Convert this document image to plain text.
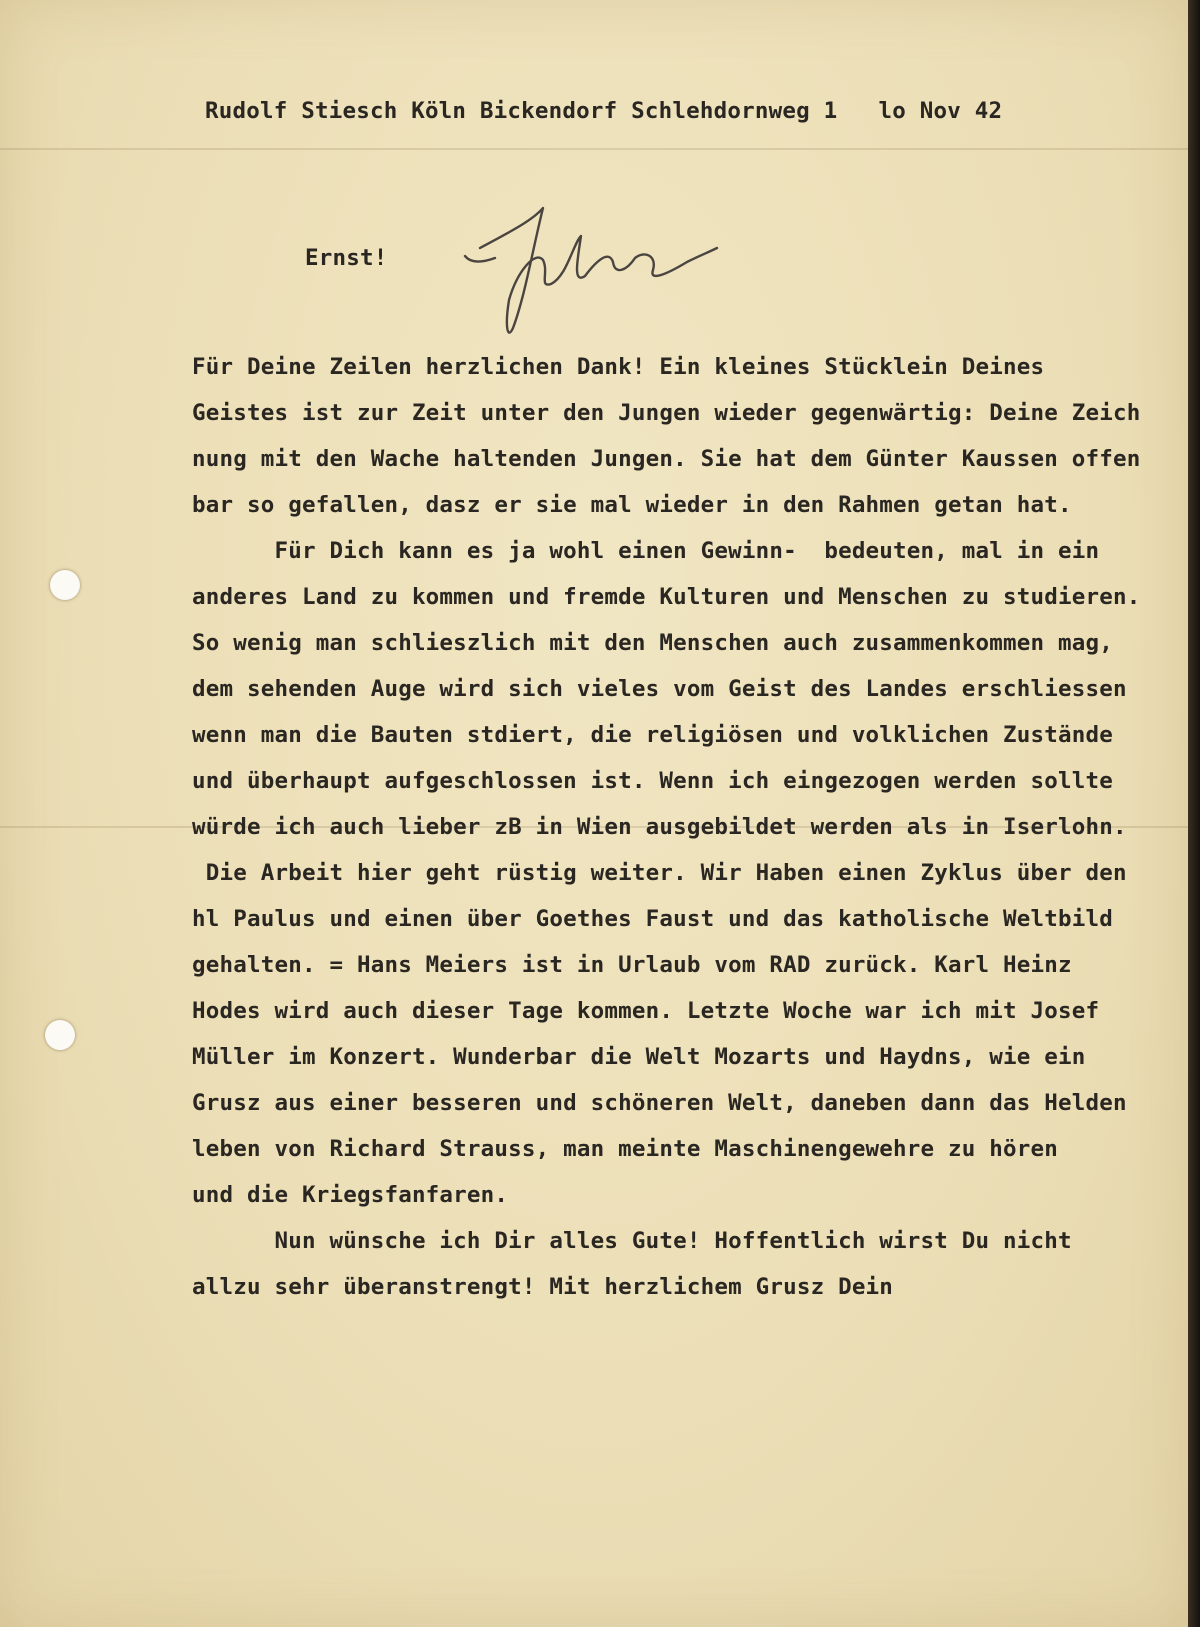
Rudolf Stiesch Köln Bickendorf Schlehdornweg 1   lo Nov 42
Ernst!
Für Deine Zeilen herzlichen Dank! Ein kleines Stücklein Deines
Geistes ist zur Zeit unter den Jungen wieder gegenwärtig: Deine Zeich
nung mit den Wache haltenden Jungen. Sie hat dem Günter Kaussen offen
bar so gefallen, dasz er sie mal wieder in den Rahmen getan hat.
Für Dich kann es ja wohl einen Gewinn-  bedeuten, mal in ein
anderes Land zu kommen und fremde Kulturen und Menschen zu studieren.
So wenig man schlieszlich mit den Menschen auch zusammenkommen mag,
dem sehenden Auge wird sich vieles vom Geist des Landes erschliessen
wenn man die Bauten stdiert, die religiösen und volklichen Zustände
und überhaupt aufgeschlossen ist. Wenn ich eingezogen werden sollte
würde ich auch lieber zB in Wien ausgebildet werden als in Iserlohn.
Die Arbeit hier geht rüstig weiter. Wir Haben einen Zyklus über den
hl Paulus und einen über Goethes Faust und das katholische Weltbild
gehalten. = Hans Meiers ist in Urlaub vom RAD zurück. Karl Heinz
Hodes wird auch dieser Tage kommen. Letzte Woche war ich mit Josef
Müller im Konzert. Wunderbar die Welt Mozarts und Haydns, wie ein
Grusz aus einer besseren und schöneren Welt, daneben dann das Helden
leben von Richard Strauss, man meinte Maschinengewehre zu hören
und die Kriegsfanfaren.
Nun wünsche ich Dir alles Gute! Hoffentlich wirst Du nicht
allzu sehr überanstrengt! Mit herzlichem Grusz Dein
